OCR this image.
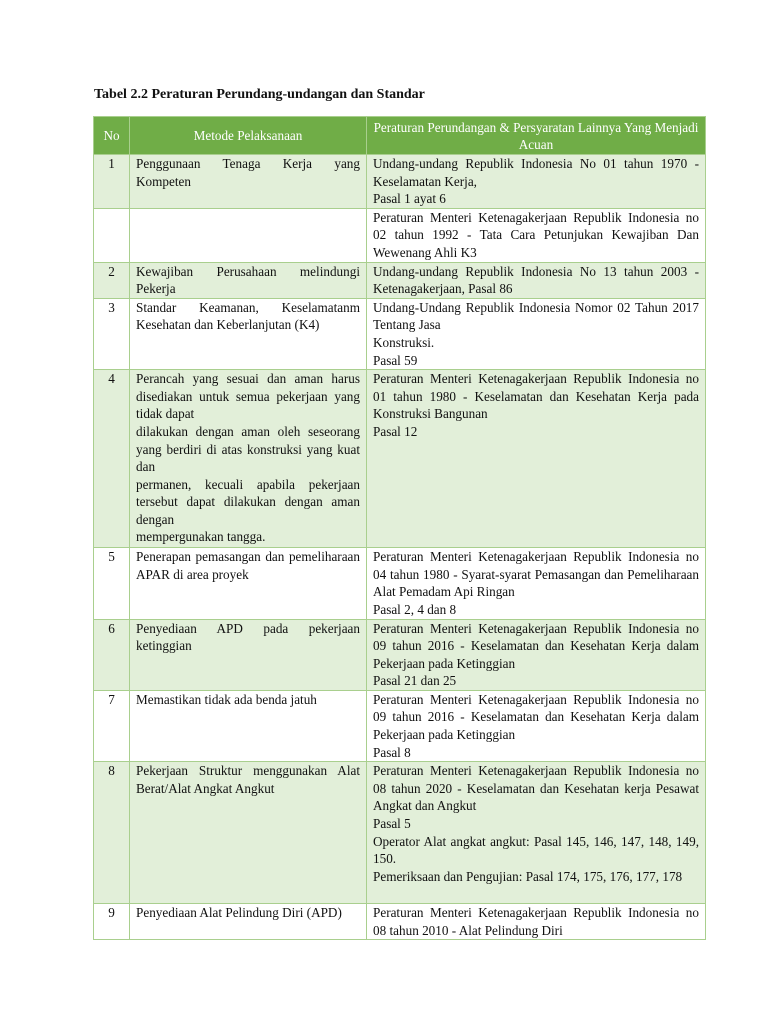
Tabel 2.2 Peraturan Perundang-undangan dan Standar
No	Metode Pelaksanaan	Peraturan Perundangan & Persyaratan Lainnya Yang Menjadi Acuan
1	Penggunaan Tenaga Kerja yang Kompeten	Undang-undang Republik Indonesia No 01 tahun 1970 - Keselamatan Kerja,
Pasal 1 ayat 6

		Peraturan Menteri Ketenagakerjaan Republik Indonesia no 02 tahun 1992 - Tata Cara Petunjukan Kewajiban Dan Wewenang Ahli K3

2	Kewajiban Perusahaan melindungi Pekerja	Undang-undang Republik Indonesia No 13 tahun 2003 - Ketenagakerjaan, Pasal 86

3	Standar Keamanan, Keselamatanm Kesehatan dan Keberlanjutan (K4)	Undang-Undang Republik Indonesia Nomor 02 Tahun 2017 Tentang Jasa
Konstruksi.
Pasal 59

4	Perancah yang sesuai dan aman harus disediakan untuk semua pekerjaan yang tidak dapat
dilakukan dengan aman oleh seseorang yang berdiri di atas konstruksi yang kuat dan
permanen, kecuali apabila pekerjaan tersebut dapat dilakukan dengan aman dengan
mempergunakan tangga.	Peraturan Menteri Ketenagakerjaan Republik Indonesia no 01 tahun 1980 - Keselamatan dan Kesehatan Kerja pada Konstruksi Bangunan
Pasal 12

5	Penerapan pemasangan dan pemeliharaan APAR di area proyek	Peraturan Menteri Ketenagakerjaan Republik Indonesia no 04 tahun 1980 - Syarat-syarat Pemasangan dan Pemeliharaan Alat Pemadam Api Ringan
Pasal 2, 4 dan 8

6	Penyediaan APD pada pekerjaan ketinggian	Peraturan Menteri Ketenagakerjaan Republik Indonesia no 09 tahun 2016 - Keselamatan dan Kesehatan Kerja dalam Pekerjaan pada Ketinggian
Pasal 21 dan 25

7	Memastikan tidak ada benda jatuh	Peraturan Menteri Ketenagakerjaan Republik Indonesia no 09 tahun 2016 - Keselamatan dan Kesehatan Kerja dalam Pekerjaan pada Ketinggian
Pasal 8

8	Pekerjaan Struktur menggunakan Alat Berat/Alat Angkat Angkut	Peraturan Menteri Ketenagakerjaan Republik Indonesia no 08 tahun 2020 - Keselamatan dan Kesehatan kerja Pesawat Angkat dan Angkut
Pasal 5
Operator Alat angkat angkut: Pasal 145, 146, 147, 148, 149, 150.
Pemeriksaan dan Pengujian: Pasal 174, 175, 176, 177, 178

9	Penyediaan Alat Pelindung Diri (APD)	Peraturan Menteri Ketenagakerjaan Republik Indonesia no 08 tahun 2010 - Alat Pelindung Diri
